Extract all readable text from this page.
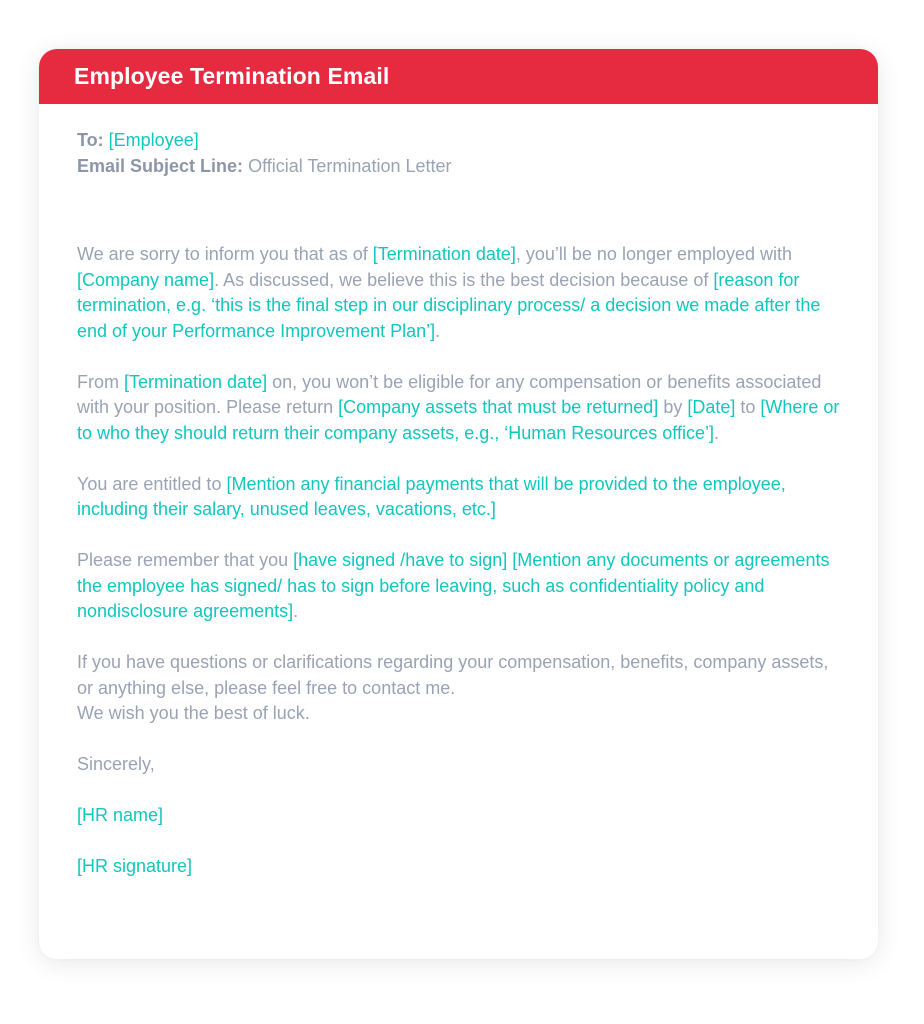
Employee Termination Email

To: [Employee]

Email Subject Line: Official Termination Letter

We are sorry to inform you that as of [Termination date], you’ll be no longer employed with [Company name]. As discussed, we believe this is the best decision because of [reason for termination, e.g. ‘this is the final step in our disciplinary process/ a decision we made after the end of your Performance Improvement Plan’].

From [Termination date] on, you won’t be eligible for any compensation or benefits associated with your position. Please return [Company assets that must be returned] by [Date] to [Where or to who they should return their company assets, e.g., ‘Human Resources office’].

You are entitled to [Mention any financial payments that will be provided to the employee, including their salary, unused leaves, vacations, etc.]

Please remember that you [have signed /have to sign] [Mention any documents or agreements the employee has signed/ has to sign before leaving, such as confidentiality policy and nondisclosure agreements].

If you have questions or clarifications regarding your compensation, benefits, company assets, or anything else, please feel free to contact me.
We wish you the best of luck.

Sincerely,

[HR name]

[HR signature]
